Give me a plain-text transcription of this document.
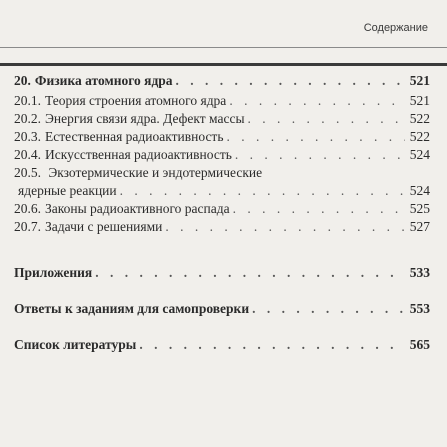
Содержание
20. Физика атомного ядра . . .	521
20.1. Теория строения атомного ядра . . .	521
20.2. Энергия связи ядра. Дефект массы . . .	522
20.3. Естественная радиоактивность . . .	522
20.4. Искусственная радиоактивность . . .	524
20.5. Экзотермические и эндотермические
ядерные реакции . . .	524
20.6. Законы радиоактивного распада . . .	525
20.7. Задачи с решениями . . .	527
Приложения . . .	533
Ответы к заданиям для самопроверки . . .	553
Список литературы . . .	565
